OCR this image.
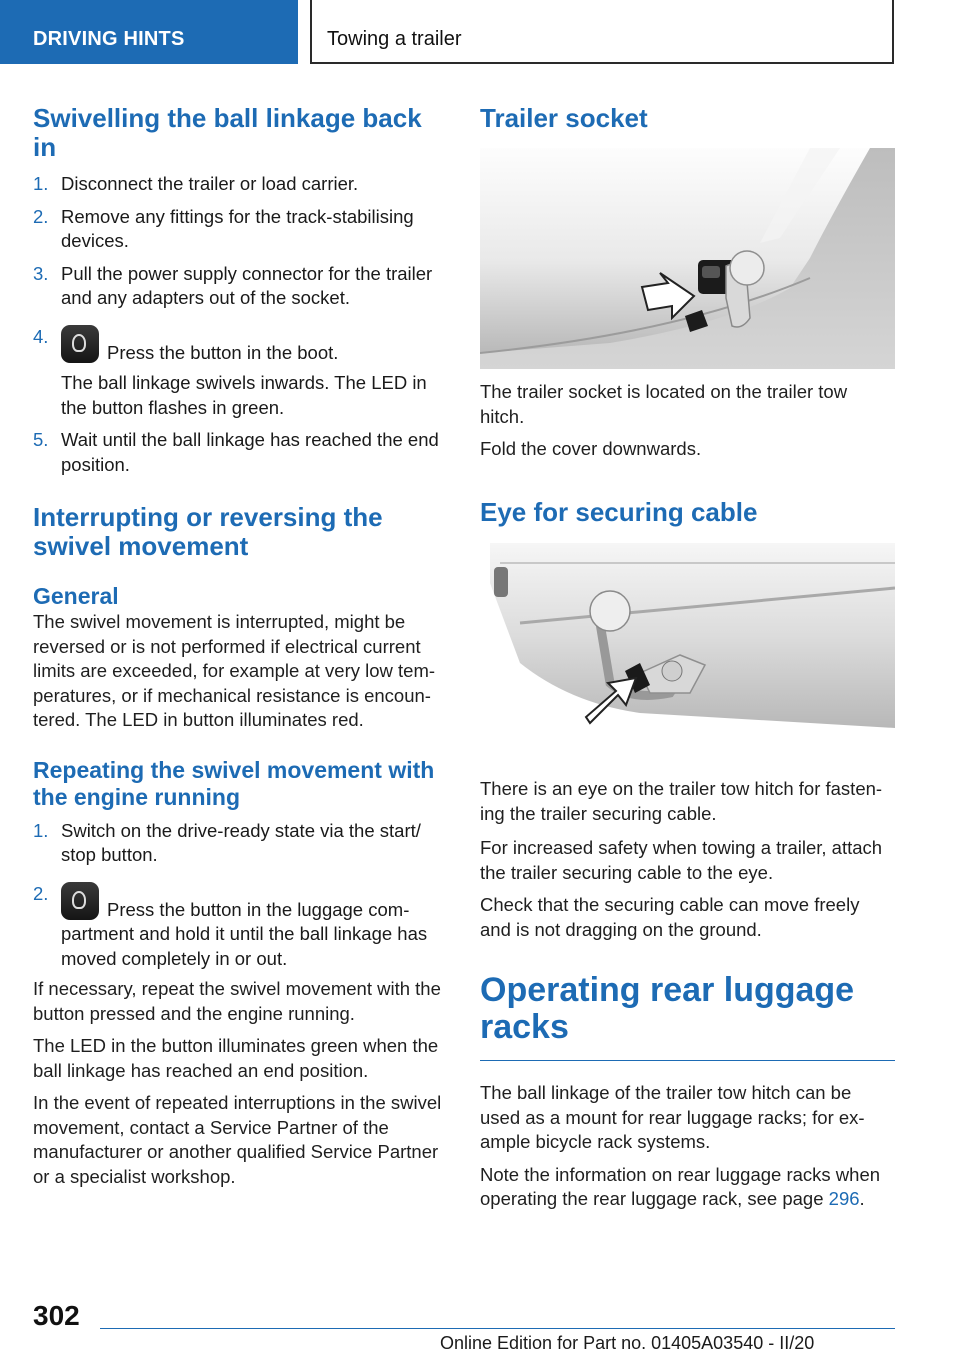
DRIVING HINTS	Towing a trailer
Swivelling the ball linkage back in
1. Disconnect the trailer or load carrier.
2. Remove any fittings for the track‑stabilising devices.
3. Pull the power supply connector for the trailer and any adapters out of the socket.
4.
Press the button in the boot.
The ball linkage swivels inwards. The LED in the button flashes in green.
5. Wait until the ball linkage has reached the end position.
Interrupting or reversing the swivel movement
General

The swivel movement is interrupted, might be reversed or is not performed if electrical current limits are exceeded, for example at very low tem‑ peratures, or if mechanical resistance is encoun‑ tered. The LED in button illuminates red.

Repeating the swivel movement with the engine running
1. Switch on the drive‑ready state via the start/ stop button.
2.
Press the button in the luggage com‑ partment and hold it until the ball linkage has moved completely in or out.

If necessary, repeat the swivel movement with the button pressed and the engine running.

The LED in the button illuminates green when the ball linkage has reached an end position.

In the event of repeated interruptions in the swivel movement, contact a Service Partner of the manufacturer or another qualified Service Partner or a specialist workshop.

Trailer socket

The trailer socket is located on the trailer tow hitch.

Fold the cover downwards.

Eye for securing cable

There is an eye on the trailer tow hitch for fasten‑ ing the trailer securing cable.

For increased safety when towing a trailer, attach the trailer securing cable to the eye.

Check that the securing cable can move freely and is not dragging on the ground.

Operating rear luggage racks

The ball linkage of the trailer tow hitch can be used as a mount for rear luggage racks; for ex‑ ample bicycle rack systems.

Note the information on rear luggage racks when operating the rear luggage rack, see page 296.

302
Online Edition for Part no. 01405A03540 - II/20
